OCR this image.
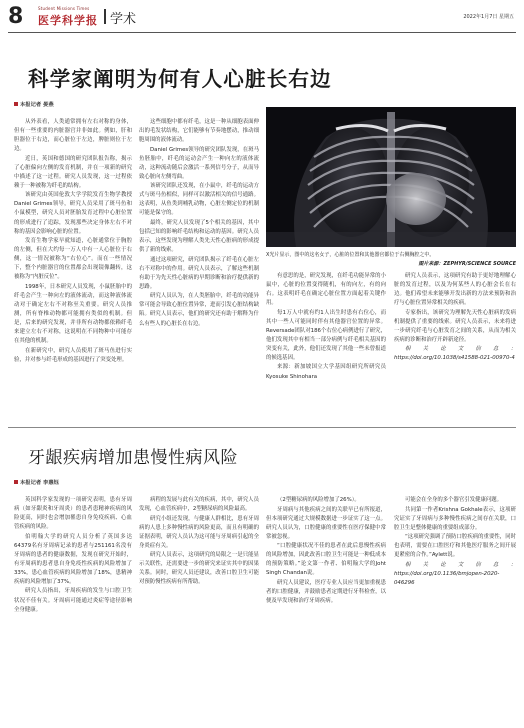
8	Student Missions Times
医学科学报 学术	2022年1月7日 星期五
科学家阐明为何有人心脏长右边
本报记者 晏燕

从外表看，人类通常拥有左右对称的身体，但有一些重要的内脏器官并非如此。例如，肝和胆器位于右边，而心脏位于左边，脾脏则位于左边。

近日，英国和德国的研究团队报告称，揭示了心脏偏向左侧的发育机制，并在一项新的研究中描述了这一过程。研究人员发现，这一过程依赖于一种被称为纤毛的结构。

该研究由英国伦敦大学学院发育生物学教授Daniel Grimes领导，研究人员采用了斑马鱼和小鼠模型，研究人员对胚胎发育过程中心脏位置的形成进行了追踪，发现那些决定身体左右不对称的基因会影响心脏的位置。

发育生物学家早就知道，心脏通常位于胸腔的左侧，但在大约每一万人中有一人心脏位于右侧，这一情况被称为“右位心”。而在一些情况下，整个内脏器官的位置都会出现镜像翻转，这被称为“内脏反位”。

1998年，日本研究人员发现，小鼠胚胎中的纤毛会产生一种向左的液体流动，而这种液体流动对于确定左右不对称至关重要。研究人员推测，所有脊椎动物都可能拥有类似的机制。但是，后来的研究发现，并非所有动物都依赖纤毛来建立左右不对称，这说明在不同物种中可能存在其他的机制。

在新研究中，研究人员使用了斑马鱼进行实验，并对参与纤毛形成的基因进行了突变处理。

这些细胞中都有纤毛，这是一种从细胞表面伸出的毛发状结构，它们能够有节奏地摆动，推动细胞周围的液体流动。

Daniel Grimes领导的研究团队发现，在斑马鱼胚胎中，纤毛的运动会产生一种向左的液体流动，这种流动随后会激活一系列信号分子，从而导致心脏向左侧弯曲。

该研究团队还发现，在小鼠中，纤毛的运动方式与斑马鱼相似，同样可以激活相关的信号通路。这表明，从鱼类到哺乳动物，心脏左侧定位的机制可能是保守的。

最终，研究人员发现了5个相关的基因，其中包括已知的影响纤毛结构和运动的基因。研究人员表示，这些发现为理解人类先天性心脏病的形成提供了新的线索。

通过这项研究，研究团队揭示了纤毛在心脏左右不对称中的作用。研究人员表示，了解这些机制有助于为先天性心脏病的早期诊断和治疗提供新的思路。

研究人员认为，在人类胚胎中，纤毛的功能异常可能会导致心脏位置异常，进而引发心脏结构缺陷。研究人员表示，他们的研究还有助于解释为什么有些人的心脏长在右边。

X光片显示，图中的这名女子，心脏的位置和其他器官都位于右侧胸腔之中。
图片来源：ZEPHYR/SCIENCE SOURCE

有意思的是，研究发现，在纤毛功能异常的小鼠中，心脏的位置变得随机，有的向左，有的向右。这表明纤毛在确定心脏位置方面起着关键作用。

每1万人中就有约1人出生时患有右位心，而其中一些人可能同时伴有其他器官位置的异常。Reversade团队对186个右位心病例进行了研究，他们发现其中有相当一部分病例与纤毛相关基因的突变有关，此外，他们还发现了其他一些未曾报道的候选基因。

来源：新加坡国立大学基因组研究所研究员Kyosuke Shinohara

研究人员表示，这项研究有助于更好地理解心脏的发育过程，以及为何某些人的心脏会长在右边。他们希望未来能够开发出新的方法来预防和治疗与心脏位置异常相关的疾病。

专家指出，该研究为理解先天性心脏病的发病机制提供了重要的线索。研究人员表示，未来将进一步研究纤毛与心脏发育之间的关系，从而为相关疾病的诊断和治疗开辟新途径。

相关论文信息：https://doi.org/10.1038/s41588-021-00970-4

牙龈疾病增加患慢性病风险
本报记者 李惠钰

英国科学家发现的一项研究表明，患有牙周病（如牙龈炎和牙周炎）的患者患精神疾病的风险更高，同时也会增加罹患自身免疫疾病、心血管疾病的风险。

伯明翰大学的研究人员分析了英国多达64379名有牙周病记录的患者与251161名没有牙周病的患者的健康数据，发现在研究开始时，有牙周病的患者患自身免疫性疾病的风险增加了33%，患心血管疾病的风险增加了18%，患精神疾病的风险增加了37%。

研究人员指出，牙周疾病的发生与口腔卫生状况不佳有关。牙周病可能通过炎症等途径影响全身健康。

病程的发展与此有关的疾病，其中，研究人员发现，心血管疾病中，2型糖尿病的风险最高。

研究小组还发现，与健康人群相比，患有牙周病的人患上多种慢性病的风险更高，而且有明确的证据表明，研究人员认为这可能与牙周病引起的全身炎症有关。

研究人员表示，这项研究的局限之一是只能显示关联性，还需要进一步的研究来证实其中的因果关系。同时，研究人员还建议，改善口腔卫生可能对预防慢性疾病有所帮助。

（2型糖尿病的风险增加了26%）。

牙周病与其他疾病之间的关联早已有所报道，但本项研究通过大规模数据进一步证实了这一点。研究人员认为，口腔健康的重要性在医疗保健中常常被忽视。

“口腔健康状况不佳的患者在此后患慢性疾病的风险增加，因此改善口腔卫生可能是一种低成本的预防策略。”论文第一作者、伯明翰大学的Joht Singh Chandan说。

研究人员建议，医疗专业人员应当更加重视患者的口腔健康，并鼓励患者定期进行牙科检查，以便及早发现和治疗牙周疾病。

可能会在全身的多个器官引发健康问题。

共同第一作者Krishna Gokhale表示，这项研究证实了牙周病与多种慢性疾病之间存在关联，口腔卫生是整体健康的重要组成部分。

“这项研究强调了预防口腔疾病的重要性，同时也表明，需要在口腔医疗和其他医疗服务之间开展更紧密的合作。”Aylett说。

相关论文信息：https://doi.org/10.1136/bmjopen-2020-046296
